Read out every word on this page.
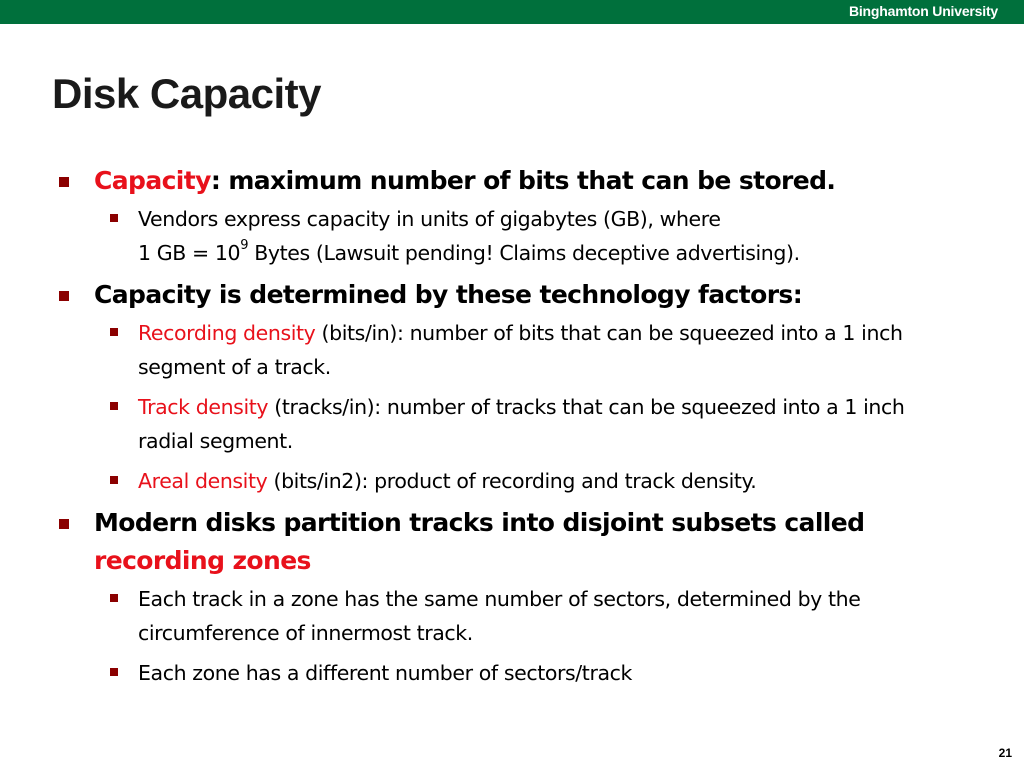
Binghamton University
Disk Capacity
Capacity: maximum number of bits that can be stored.
Vendors express capacity in units of gigabytes (GB), where
1 GB = $10^9$ Bytes (Lawsuit pending! Claims deceptive advertising).
Capacity is determined by these technology factors:
Recording density (bits/in): number of bits that can be squeezed into a 1 inch segment of a track.
Track density (tracks/in): number of tracks that can be squeezed into a 1 inch radial segment.
Areal density (bits/in2): product of recording and track density.
Modern disks partition tracks into disjoint subsets called recording zones
Each track in a zone has the same number of sectors, determined by the circumference of innermost track.
Each zone has a different number of sectors/track
21
